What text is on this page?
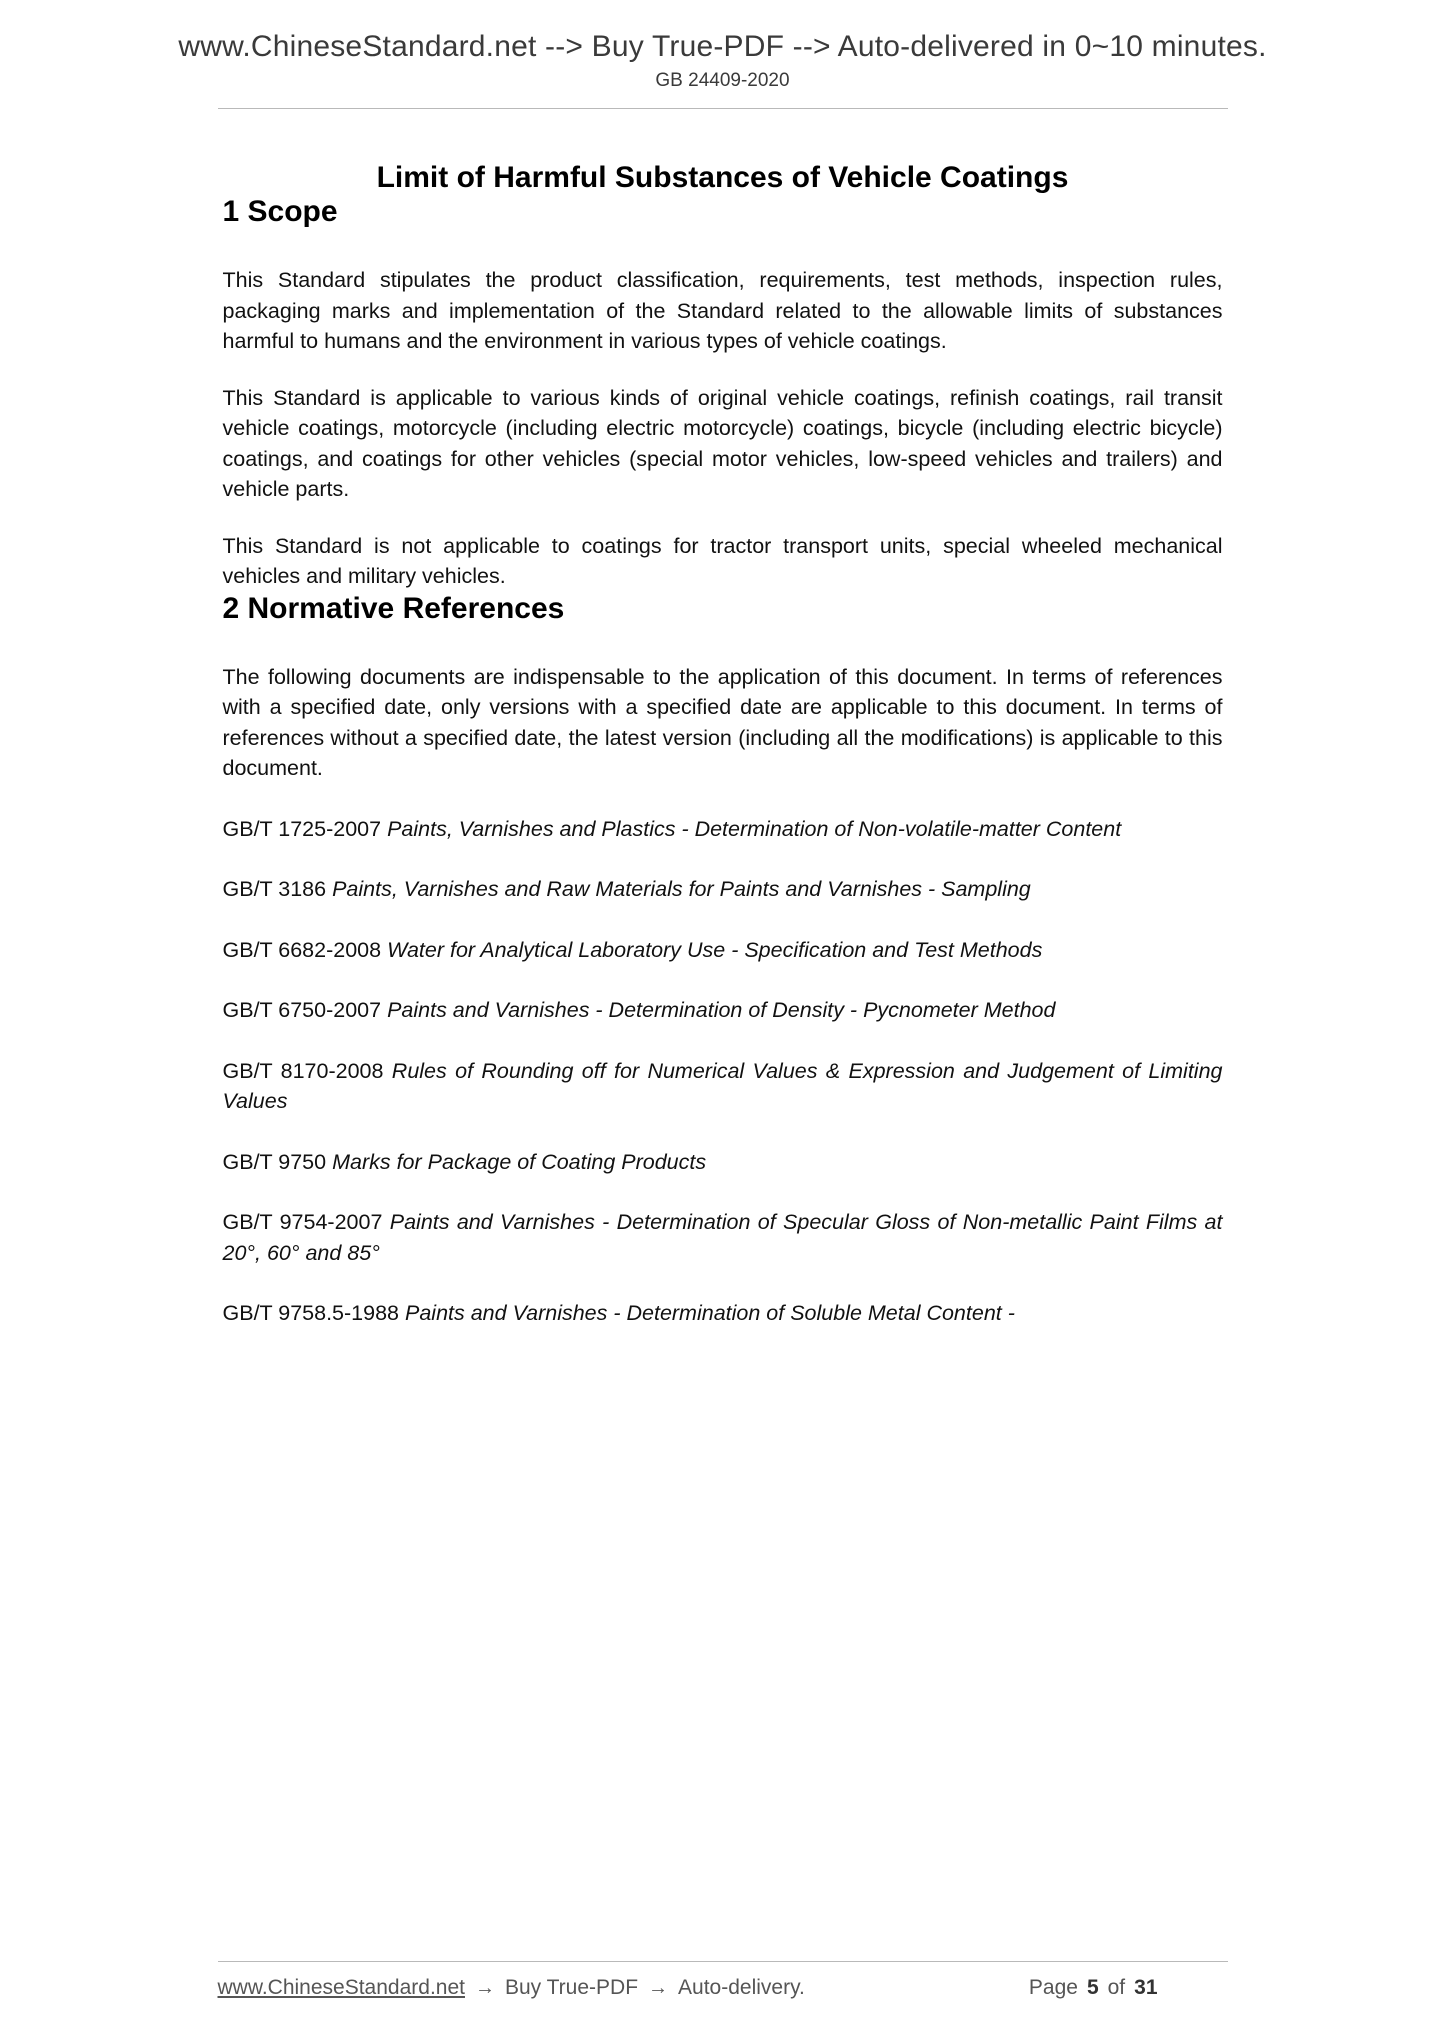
www.ChineseStandard.net --> Buy True-PDF --> Auto-delivered in 0~10 minutes.
GB 24409-2020
Limit of Harmful Substances of Vehicle Coatings
1 Scope

This Standard stipulates the product classification, requirements, test methods, inspection rules, packaging marks and implementation of the Standard related to the allowable limits of substances harmful to humans and the environment in various types of vehicle coatings.

This Standard is applicable to various kinds of original vehicle coatings, refinish coatings, rail transit vehicle coatings, motorcycle (including electric motorcycle) coatings, bicycle (including electric bicycle) coatings, and coatings for other vehicles (special motor vehicles, low-speed vehicles and trailers) and vehicle parts.

This Standard is not applicable to coatings for tractor transport units, special wheeled mechanical vehicles and military vehicles.

2 Normative References

The following documents are indispensable to the application of this document. In terms of references with a specified date, only versions with a specified date are applicable to this document. In terms of references without a specified date, the latest version (including all the modifications) is applicable to this document.

GB/T 1725-2007 Paints, Varnishes and Plastics - Determination of Non-volatile-matter Content

GB/T 3186 Paints, Varnishes and Raw Materials for Paints and Varnishes - Sampling

GB/T 6682-2008 Water for Analytical Laboratory Use - Specification and Test Methods

GB/T 6750-2007 Paints and Varnishes - Determination of Density - Pycnometer Method

GB/T 8170-2008 Rules of Rounding off for Numerical Values & Expression and Judgement of Limiting Values

GB/T 9750 Marks for Package of Coating Products

GB/T 9754-2007 Paints and Varnishes - Determination of Specular Gloss of Non-metallic Paint Films at 20°, 60° and 85°

GB/T 9758.5-1988 Paints and Varnishes - Determination of Soluble Metal Content -

www.ChineseStandard.net → Buy True-PDF → Auto-delivery.	Page 5 of 31
